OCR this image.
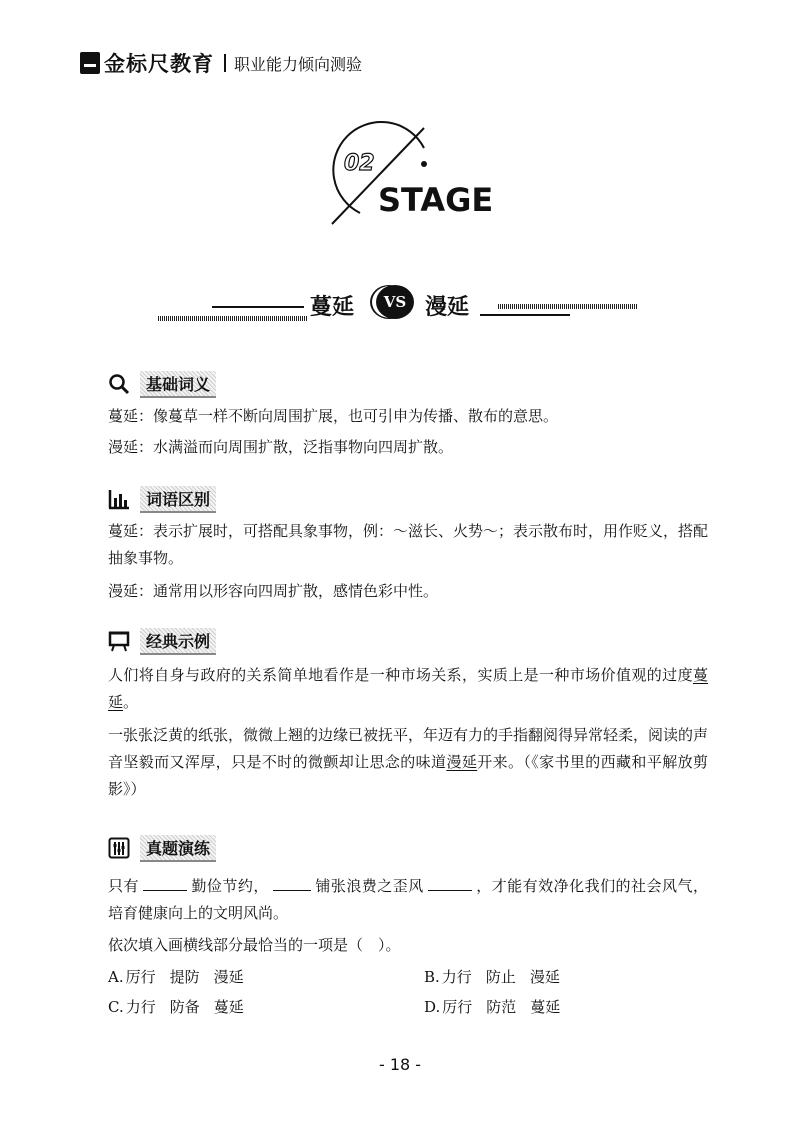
金标尺教育 职业能力倾向测验
02
STAGE
蔓延	VS 漫延
基础词义

蔓延：像蔓草一样不断向周围扩展，也可引申为传播、散布的意思。

漫延：水满溢而向周围扩散，泛指事物向四周扩散。

词语区别

蔓延：表示扩展时，可搭配具象事物，例：～滋长、火势～；表示散布时，用作贬义，搭配抽象事物。

漫延：通常用以形容向四周扩散，感情色彩中性。

经典示例

人们将自身与政府的关系简单地看作是一种市场关系，实质上是一种市场价值观的过度蔓延。

一张张泛黄的纸张，微微上翘的边缘已被抚平，年迈有力的手指翻阅得异常轻柔，阅读的声音坚毅而又浑厚，只是不时的微颤却让思念的味道漫延开来。（《家书里的西藏和平解放剪影》）

真题演练

只有	勤俭节约，	铺张浪费之歪风	，才能有效净化我们的社会风气，培育健康向上的文明风尚。

依次填入画横线部分最恰当的一项是（　）。

A. 厉行 提防 漫延	B. 力行 防止 漫延
C. 力行 防备 蔓延	D. 厉行 防范 蔓延
- 18 -
